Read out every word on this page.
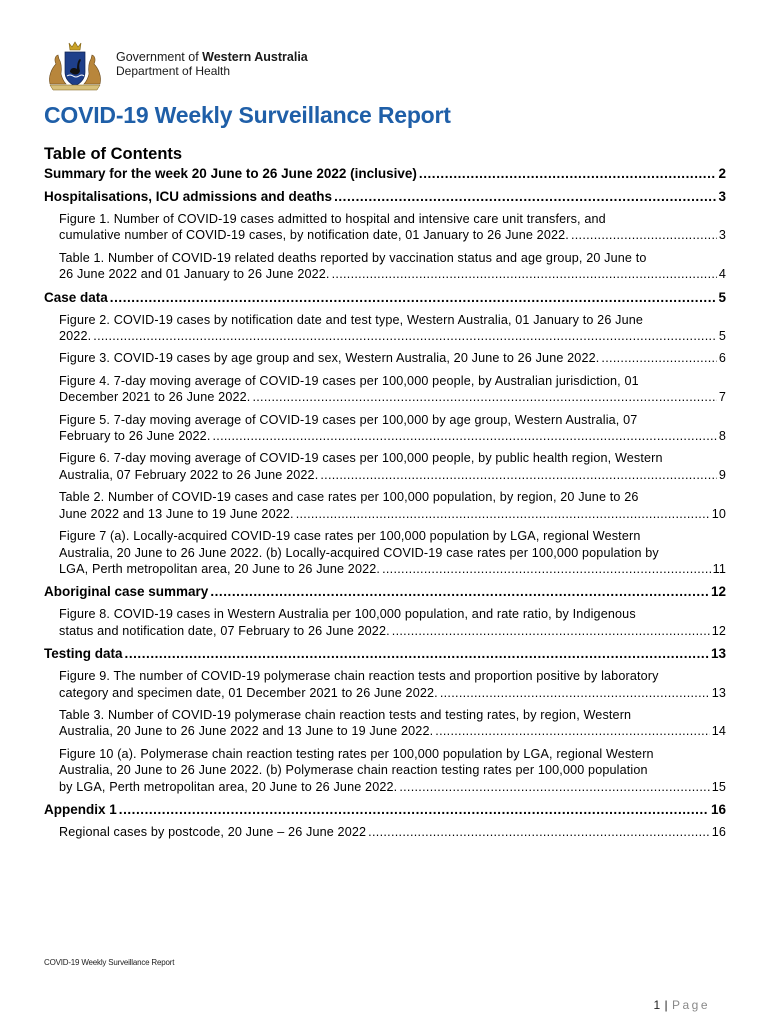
Government of Western Australia
Department of Health
COVID-19 Weekly Surveillance Report
Table of Contents
Summary for the week 20 June to 26 June 2022 (inclusive) . . .	2
Hospitalisations, ICU admissions and deaths . . .	3
Figure 1. Number of COVID-19 cases admitted to hospital and intensive care unit transfers, and
cumulative number of COVID-19 cases, by notification date, 01 January to 26 June 2022. . . .	3
Table 1. Number of COVID-19 related deaths reported by vaccination status and age group, 20 June to
26 June 2022 and 01 January to 26 June 2022. . . .	4
Case data . . .	5
Figure 2. COVID-19 cases by notification date and test type, Western Australia, 01 January to 26 June
2022. . . .	5
Figure 3. COVID-19 cases by age group and sex, Western Australia, 20 June to 26 June 2022. . . .	6
Figure 4. 7-day moving average of COVID-19 cases per 100,000 people, by Australian jurisdiction, 01
December 2021 to 26 June 2022. . . .	7
Figure 5. 7-day moving average of COVID-19 cases per 100,000 by age group, Western Australia, 07
February to 26 June 2022. . . .	8
Figure 6. 7-day moving average of COVID-19 cases per 100,000 people, by public health region, Western
Australia, 07 February 2022 to 26 June 2022. . . .	9
Table 2. Number of COVID-19 cases and case rates per 100,000 population, by region, 20 June to 26
June 2022 and 13 June to 19 June 2022. . . .	10
Figure 7 (a). Locally-acquired COVID-19 case rates per 100,000 population by LGA, regional Western
Australia, 20 June to 26 June 2022. (b) Locally-acquired COVID-19 case rates per 100,000 population by
LGA, Perth metropolitan area, 20 June to 26 June 2022. . . .	11
Aboriginal case summary . . .	12
Figure 8. COVID-19 cases in Western Australia per 100,000 population, and rate ratio, by Indigenous
status and notification date, 07 February to 26 June 2022. . . .	12
Testing data . . .	13
Figure 9. The number of COVID-19 polymerase chain reaction tests and proportion positive by laboratory
category and specimen date, 01 December 2021 to 26 June 2022. . . .	13
Table 3. Number of COVID-19 polymerase chain reaction tests and testing rates, by region, Western
Australia, 20 June to 26 June 2022 and 13 June to 19 June 2022. . . .	14
Figure 10 (a). Polymerase chain reaction testing rates per 100,000 population by LGA, regional Western
Australia, 20 June to 26 June 2022. (b) Polymerase chain reaction testing rates per 100,000 population
by LGA, Perth metropolitan area, 20 June to 26 June 2022. . . .	15
Appendix 1 . . .	16
Regional cases by postcode, 20 June – 26 June 2022 . . .	16
COVID-19 Weekly Surveillance Report
1 | Page
